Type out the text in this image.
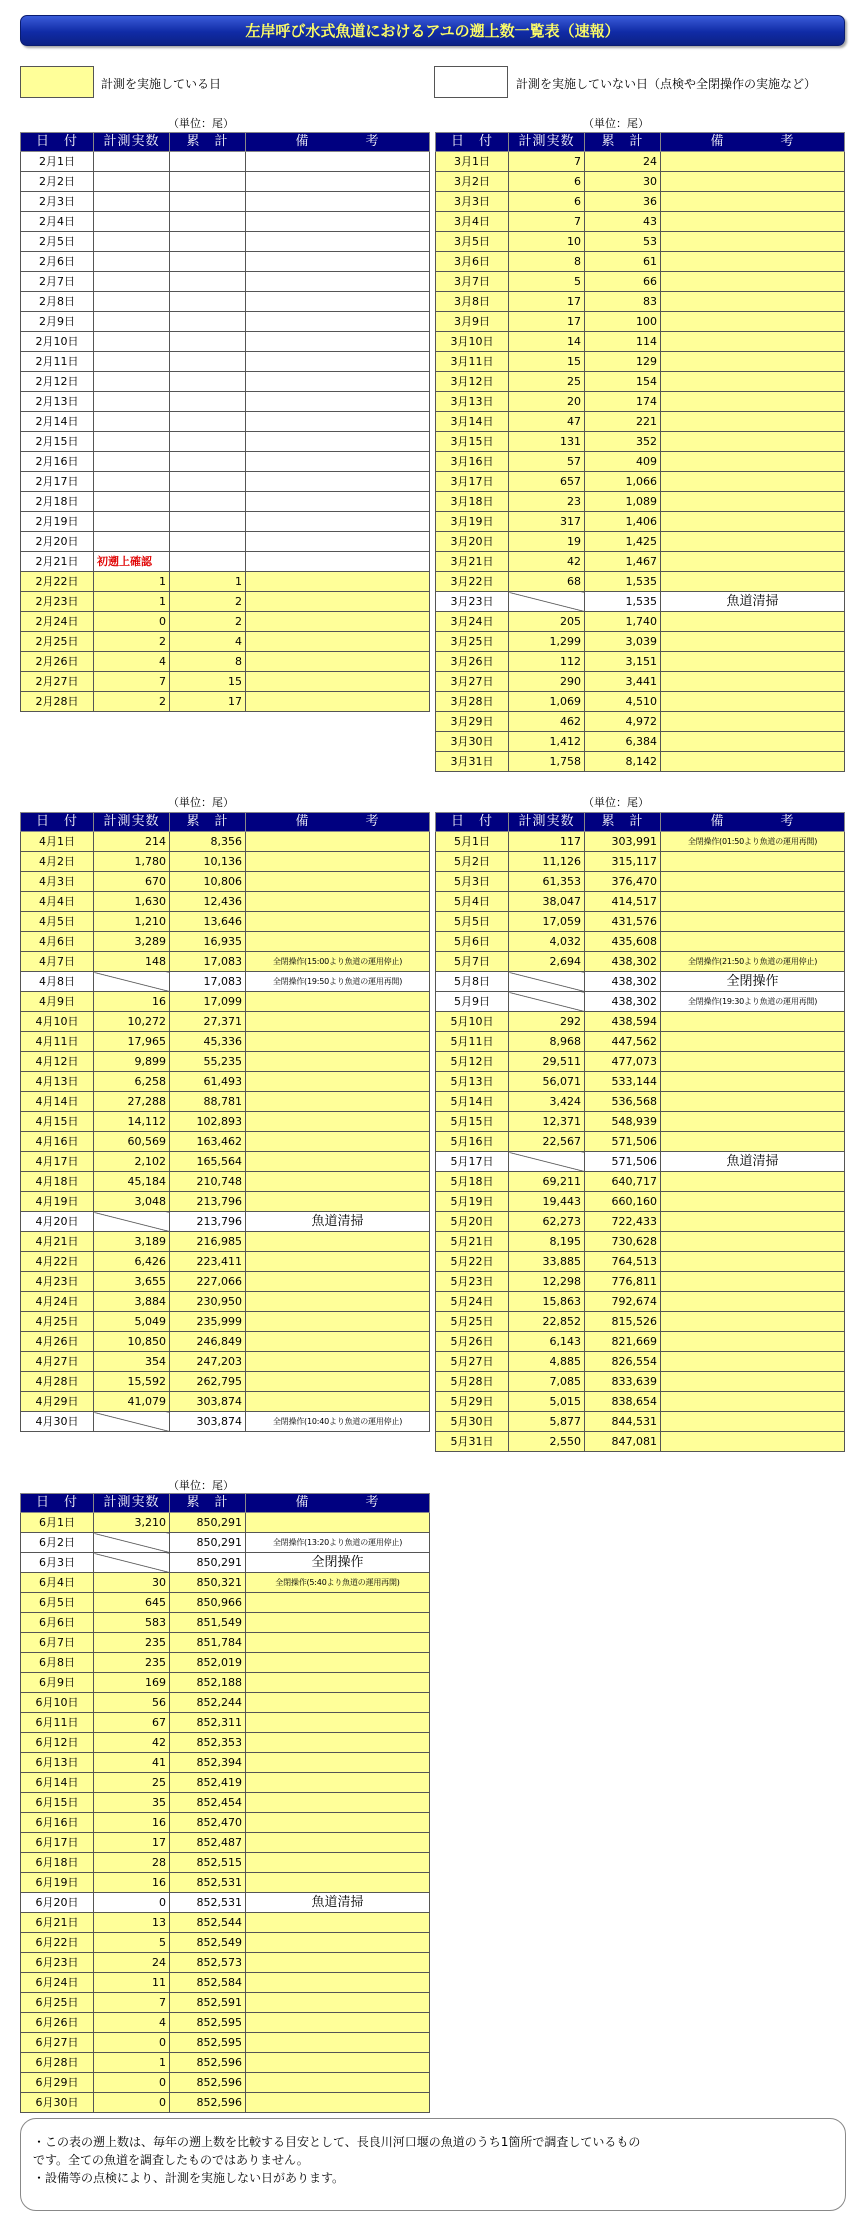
左岸呼び水式魚道におけるアユの遡上数一覧表（速報）
計測を実施している日	計測を実施していない日（点検や全閉操作の実施など）
（単位：尾）	（単位：尾）
（単位：尾）	（単位：尾）
（単位：尾）
日　付	計測実数	累　計	備　　　　考
2月1日			
2月2日			
2月3日			
2月4日			
2月5日			
2月6日			
2月7日			
2月8日			
2月9日			
2月10日			
2月11日			
2月12日			
2月13日			
2月14日			
2月15日			
2月16日			
2月17日			
2月18日			
2月19日			
2月20日			
2月21日	初遡上確認		
2月22日	1	1	
2月23日	1	2	
2月24日	0	2	
2月25日	2	4	
2月26日	4	8	
2月27日	7	15	
2月28日	2	17	
日　付	計測実数	累　計	備　　　　考
3月1日	7	24	
3月2日	6	30	
3月3日	6	36	
3月4日	7	43	
3月5日	10	53	
3月6日	8	61	
3月7日	5	66	
3月8日	17	83	
3月9日	17	100	
3月10日	14	114	
3月11日	15	129	
3月12日	25	154	
3月13日	20	174	
3月14日	47	221	
3月15日	131	352	
3月16日	57	409	
3月17日	657	1,066	
3月18日	23	1,089	
3月19日	317	1,406	
3月20日	19	1,425	
3月21日	42	1,467	
3月22日	68	1,535	
3月23日		1,535	魚道清掃
3月24日	205	1,740	
3月25日	1,299	3,039	
3月26日	112	3,151	
3月27日	290	3,441	
3月28日	1,069	4,510	
3月29日	462	4,972	
3月30日	1,412	6,384	
3月31日	1,758	8,142	
日　付	計測実数	累　計	備　　　　考
4月1日	214	8,356	
4月2日	1,780	10,136	
4月3日	670	10,806	
4月4日	1,630	12,436	
4月5日	1,210	13,646	
4月6日	3,289	16,935	
4月7日	148	17,083	全閉操作(15:00より魚道の運用停止)
4月8日		17,083	全閉操作(19:50より魚道の運用再開)
4月9日	16	17,099	
4月10日	10,272	27,371	
4月11日	17,965	45,336	
4月12日	9,899	55,235	
4月13日	6,258	61,493	
4月14日	27,288	88,781	
4月15日	14,112	102,893	
4月16日	60,569	163,462	
4月17日	2,102	165,564	
4月18日	45,184	210,748	
4月19日	3,048	213,796	
4月20日		213,796	魚道清掃
4月21日	3,189	216,985	
4月22日	6,426	223,411	
4月23日	3,655	227,066	
4月24日	3,884	230,950	
4月25日	5,049	235,999	
4月26日	10,850	246,849	
4月27日	354	247,203	
4月28日	15,592	262,795	
4月29日	41,079	303,874	
4月30日		303,874	全閉操作(10:40より魚道の運用停止)
日　付	計測実数	累　計	備　　　　考
5月1日	117	303,991	全閉操作(01:50より魚道の運用再開)
5月2日	11,126	315,117	
5月3日	61,353	376,470	
5月4日	38,047	414,517	
5月5日	17,059	431,576	
5月6日	4,032	435,608	
5月7日	2,694	438,302	全閉操作(21:50より魚道の運用停止)
5月8日		438,302	全閉操作
5月9日		438,302	全閉操作(19:30より魚道の運用再開)
5月10日	292	438,594	
5月11日	8,968	447,562	
5月12日	29,511	477,073	
5月13日	56,071	533,144	
5月14日	3,424	536,568	
5月15日	12,371	548,939	
5月16日	22,567	571,506	
5月17日		571,506	魚道清掃
5月18日	69,211	640,717	
5月19日	19,443	660,160	
5月20日	62,273	722,433	
5月21日	8,195	730,628	
5月22日	33,885	764,513	
5月23日	12,298	776,811	
5月24日	15,863	792,674	
5月25日	22,852	815,526	
5月26日	6,143	821,669	
5月27日	4,885	826,554	
5月28日	7,085	833,639	
5月29日	5,015	838,654	
5月30日	5,877	844,531	
5月31日	2,550	847,081	
日　付	計測実数	累　計	備　　　　考
6月1日	3,210	850,291	
6月2日		850,291	全閉操作(13:20より魚道の運用停止)
6月3日		850,291	全閉操作
6月4日	30	850,321	全閉操作(5:40より魚道の運用再開)
6月5日	645	850,966	
6月6日	583	851,549	
6月7日	235	851,784	
6月8日	235	852,019	
6月9日	169	852,188	
6月10日	56	852,244	
6月11日	67	852,311	
6月12日	42	852,353	
6月13日	41	852,394	
6月14日	25	852,419	
6月15日	35	852,454	
6月16日	16	852,470	
6月17日	17	852,487	
6月18日	28	852,515	
6月19日	16	852,531	
6月20日	0	852,531	魚道清掃
6月21日	13	852,544	
6月22日	5	852,549	
6月23日	24	852,573	
6月24日	11	852,584	
6月25日	7	852,591	
6月26日	4	852,595	
6月27日	0	852,595	
6月28日	1	852,596	
6月29日	0	852,596	
6月30日	0	852,596	
・この表の遡上数は、毎年の遡上数を比較する目安として、長良川河口堰の魚道のうち1箇所で調査しているもの
です。全ての魚道を調査したものではありません。
・設備等の点検により、計測を実施しない日があります。
